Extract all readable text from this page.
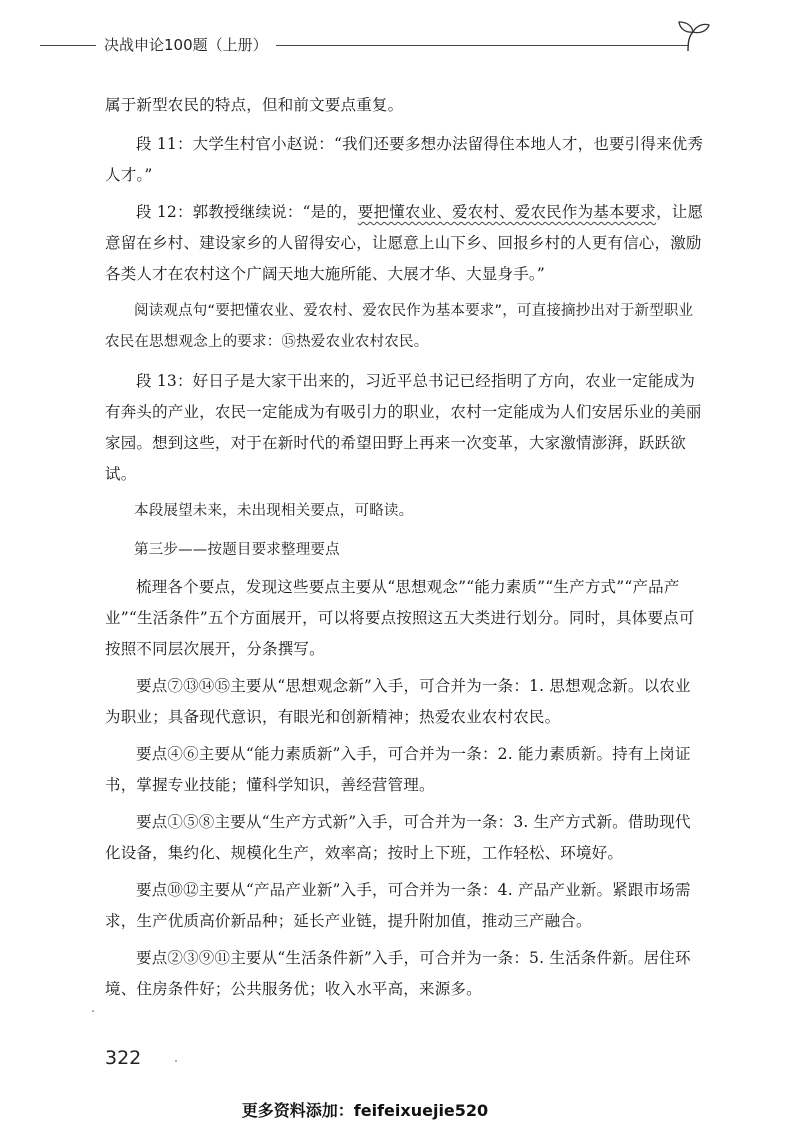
决战申论100题（上册）

属于新型农民的特点，但和前文要点重复。

段 11：大学生村官小赵说：“我们还要多想办法留得住本地人才，也要引得来优秀人才。”

段 12：郭教授继续说：“是的，要把懂农业、爱农村、爱农民作为基本要求，让愿意留在乡村、建设家乡的人留得安心，让愿意上山下乡、回报乡村的人更有信心，激励各类人才在农村这个广阔天地大施所能、大展才华、大显身手。”

阅读观点句“要把懂农业、爱农村、爱农民作为基本要求”，可直接摘抄出对于新型职业农民在思想观念上的要求：⑮热爱农业农村农民。

段 13：好日子是大家干出来的，习近平总书记已经指明了方向，农业一定能成为有奔头的产业，农民一定能成为有吸引力的职业，农村一定能成为人们安居乐业的美丽家园。想到这些，对于在新时代的希望田野上再来一次变革，大家激情澎湃，跃跃欲试。

本段展望未来，未出现相关要点，可略读。

第三步——按题目要求整理要点

梳理各个要点，发现这些要点主要从“思想观念”“能力素质”“生产方式”“产品产业”“生活条件”五个方面展开，可以将要点按照这五大类进行划分。同时，具体要点可按照不同层次展开，分条撰写。

要点⑦⑬⑭⑮主要从“思想观念新”入手，可合并为一条：1. 思想观念新。以农业为职业；具备现代意识，有眼光和创新精神；热爱农业农村农民。

要点④⑥主要从“能力素质新”入手，可合并为一条：2. 能力素质新。持有上岗证书，掌握专业技能；懂科学知识，善经营管理。

要点①⑤⑧主要从“生产方式新”入手，可合并为一条：3. 生产方式新。借助现代化设备，集约化、规模化生产，效率高；按时上下班，工作轻松、环境好。

要点⑩⑫主要从“产品产业新”入手，可合并为一条：4. 产品产业新。紧跟市场需求，生产优质高价新品种；延长产业链，提升附加值，推动三产融合。

要点②③⑨⑪主要从“生活条件新”入手，可合并为一条：5. 生活条件新。居住环境、住房条件好；公共服务优；收入水平高，来源多。

322
更多资料添加：feifeixuejie520
